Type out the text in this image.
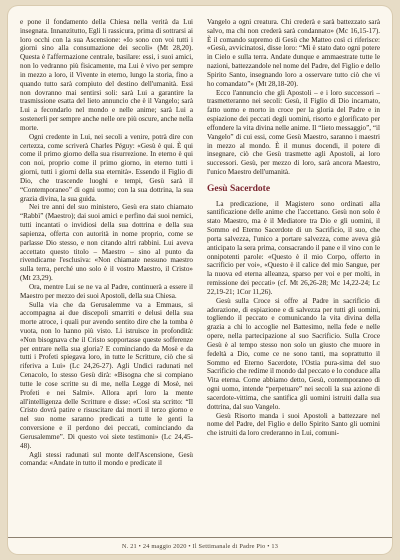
e pone il fondamento della Chiesa nella verità da Lui insegnata. Innanzitutto, Egli li rassicura, prima di sottrarsi ai loro occhi con la sua Ascensione: «Io sono con voi tutti i giorni sino alla consumazione dei secoli» (Mt 28,20). Questa è l'affermazione centrale, basilare: essi, i suoi amici, non lo vedranno più fisicamente, ma Lui è vivo per sempre in mezzo a loro, il Vivente in eterno, lungo la storia, fino a quando tutto sarà compiuto del destino dell'umanità. Essi non dovranno mai sentirsi soli: sarà Lui a garantire la trasmissione esatta del lieto annuncio che è il Vangelo; sarà Lui a fecondarlo nel mondo e nelle anime; sarà Lui a sostenerli per sempre anche nelle ore più oscure, anche nella morte.

Ogni credente in Lui, nei secoli a venire, potrà dire con certezza, come scriverà Charles Péguy: «Gesù è qui. È qui come il primo giorno della sua risurrezione. In eterno è qui con noi, proprio come il primo giorno, in eterno tutti i giorni, tutti i giorni della sua eternità». Essendo il Figlio di Dio, che trascende luoghi e tempi, Gesù sarà il “Contemporaneo” di ogni uomo; con la sua dottrina, la sua grazia divina, la sua guida.

Nei tre anni del suo ministero, Gesù era stato chiamato “Rabbì” (Maestro); dai suoi amici e perfino dai suoi nemici, tutti incantati o invidiosi della sua dottrina e della sua sapienza, offerta con autorità in nome proprio, come se parlasse Dio stesso, e non citando altri rabbini. Lui aveva accettato questo titolo – Maestro – sino al punto da rivendicarne l'esclusiva: «Non chiamate nessuno maestro sulla terra, perché uno solo è il vostro Maestro, il Cristo» (Mt 23,29).

Ora, mentre Lui se ne va al Padre, continuerà a essere il Maestro per mezzo dei suoi Apostoli, della sua Chiesa.

Sulla via che da Gerusalemme va a Emmaus, si accompagna ai due discepoli smarriti e delusi della sua morte atroce, i quali pur avendo sentito dire che la tomba è vuota, non lo hanno più visto. Li istruisce in profondità: «Non bisognava che il Cristo sopportasse queste sofferenze per entrare nella sua gloria? E cominciando da Mosè e da tutti i Profeti spiegava loro, in tutte le Scritture, ciò che si riferiva a Lui» (Lc 24,26-27). Agli Undici radunati nel Cenacolo, lo stesso Gesù dirà: «Bisogna che si compiano tutte le cose scritte su di me, nella Legge di Mosè, nei Profeti e nei Salmi». Allora aprì loro la mente all'intelligenza delle Scritture e disse: «Così sta scritto: “Il Cristo dovrà patire e risuscitare dai morti il terzo giorno e nel suo nome saranno predicati a tutte le genti la conversione e il perdono dei peccati, cominciando da Gerusalemme”. Di questo voi siete testimoni» (Lc 24,45-48).

Agli stessi radunati sul monte dell'Ascensione, Gesù comanda: «Andate in tutto il mondo e predicate il

Vangelo a ogni creatura. Chi crederà e sarà battezzato sarà salvo, ma chi non crederà sarà condannato» (Mc 16,15-17). È il comando supremo di Gesù che Matteo così ci riferisce: «Gesù, avvicinatosi, disse loro: “Mi è stato dato ogni potere in Cielo e sulla terra. Andate dunque e ammaestrate tutte le nazioni, battezzandole nel nome del Padre, del Figlio e dello Spirito Santo, insegnando loro a osservare tutto ciò che vi ho comandato”» (Mt 28,18-20).

Ecco l'annuncio che gli Apostoli – e i loro successori – trasmetteranno nei secoli: Gesù, il Figlio di Dio incarnato, fatto uomo e morto in croce per la gloria del Padre e in espiazione dei peccati degli uomini, risorto e glorificato per effondere la vita divina nelle anime. Il “lieto messaggio”, “il Vangelo” di cui essi, come Gesù Maestro, saranno i maestri in mezzo al mondo. È il munus docendi, il potere di insegnare, ciò che Gesù trasmette agli Apostoli, ai loro successori. Gesù, per mezzo di loro, sarà ancora Maestro, l'unico Maestro dell'umanità.

Gesù Sacerdote

La predicazione, il Magistero sono ordinati alla santificazione delle anime che l'accettano. Gesù non solo è stato Maestro, ma è il Mediatore tra Dio e gli uomini, il Sommo ed Eterno Sacerdote di un Sacrificio, il suo, che porta salvezza, l'unico a portare salvezza, come aveva già anticipato la sera prima, consacrando il pane e il vino con le onnipotenti parole: «Questo è il mio Corpo, offerto in sacrificio per voi», «Questo è il calice del mio Sangue, per la nuova ed eterna alleanza, sparso per voi e per molti, in remissione dei peccati» (cf. Mt 26,26-28; Mc 14,22-24; Lc 22,19-21; 1Cor 11,26).

Gesù sulla Croce si offre al Padre in sacrificio di adorazione, di espiazione e di salvezza per tutti gli uomini, togliendo il peccato e comunicando la vita divina della grazia a chi lo accoglie nel Battesimo, nella fede e nelle opere, nella partecipazione al suo Sacrificio. Sulla Croce Gesù è al tempo stesso non solo un giusto che muore in fedeltà a Dio, come ce ne sono tanti, ma soprattutto il Sommo ed Eterno Sacerdote, l'Ostia pura-sima del suo Sacrificio che redime il mondo dal peccato e lo conduce alla Vita eterna. Come abbiamo detto, Gesù, contemporaneo di ogni uomo, intende “perpetuare” nei secoli la sua azione di sacerdote-vittima, che santifica gli uomini istruiti dalla sua dottrina, dal suo Vangelo.

Gesù Risorto manda i suoi Apostoli a battezzare nel nome del Padre, del Figlio e dello Spirito Santo gli uomini che istruiti da loro crederanno in Lui, comuni-

N. 21 • 24 maggio 2020 • Il Settimanale di Padre Pio • 13
